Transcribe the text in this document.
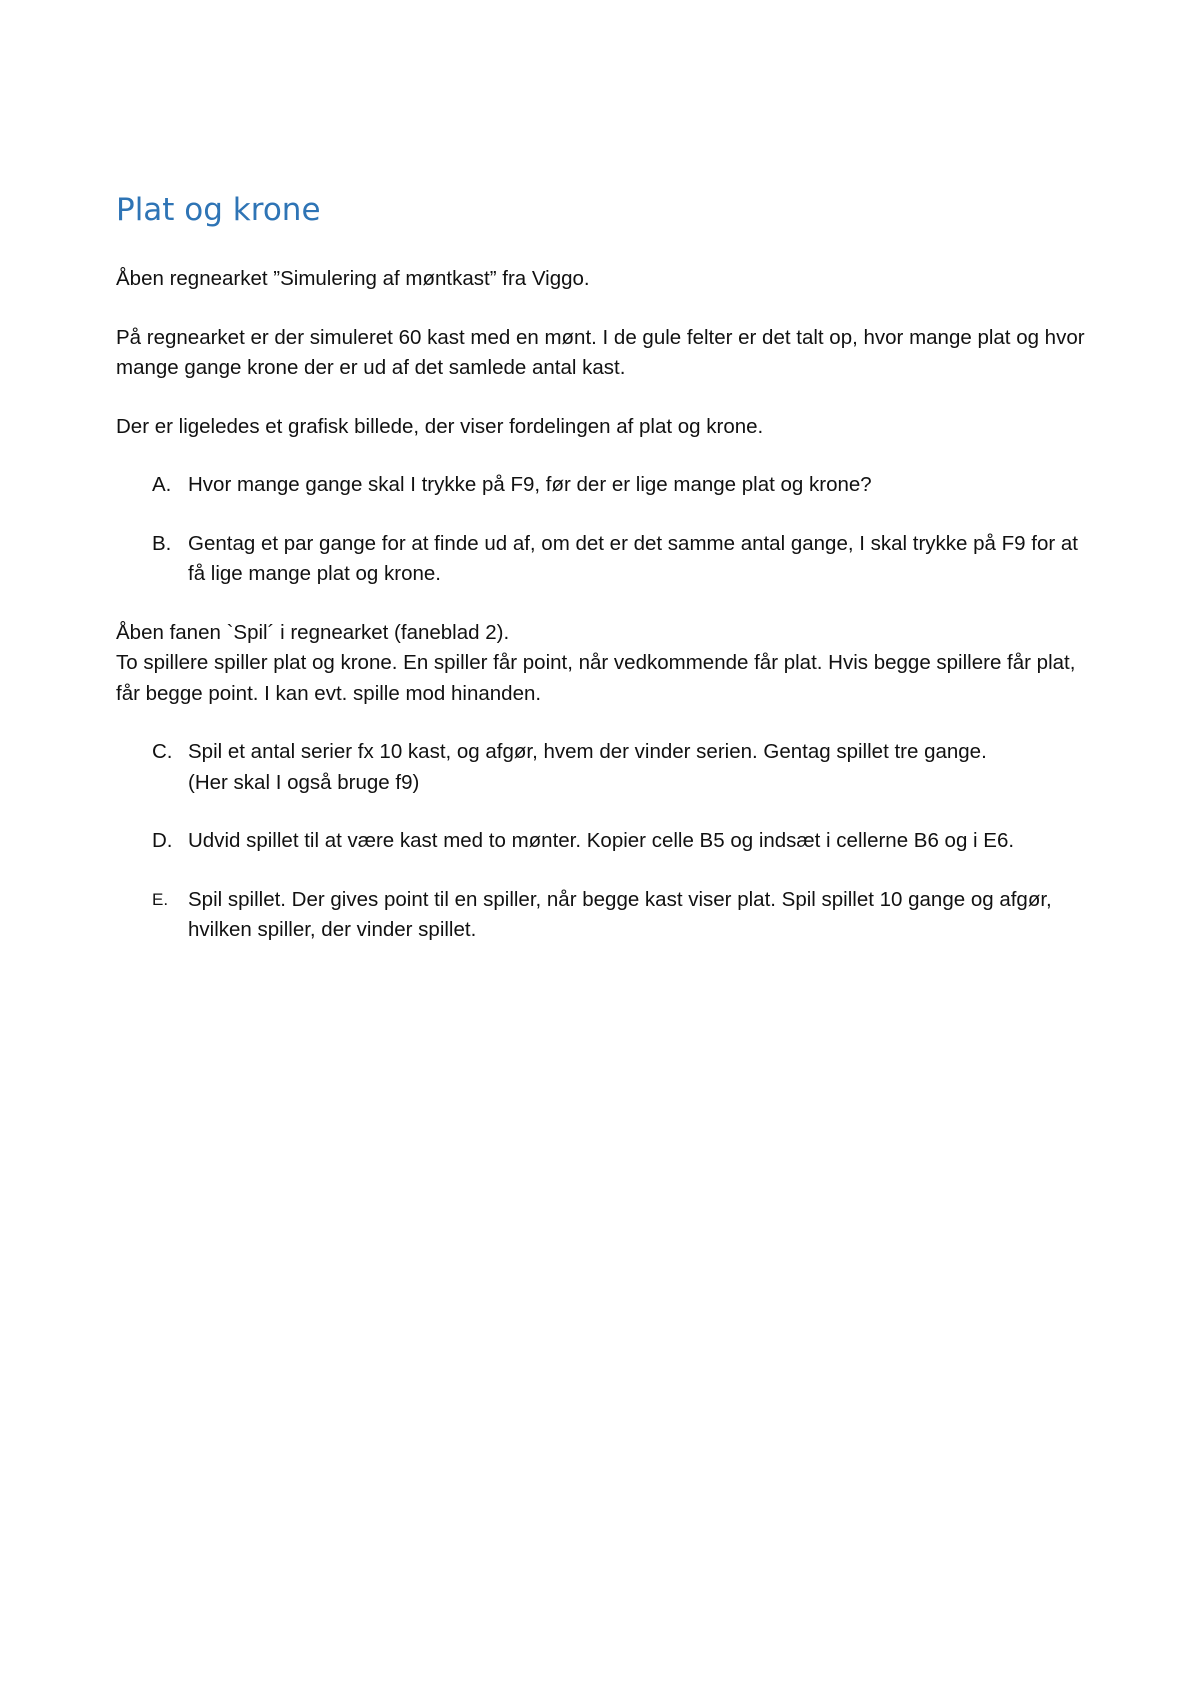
Plat og krone

Åben regnearket ”Simulering af møntkast” fra Viggo.

På regnearket er der simuleret 60 kast med en mønt. I de gule felter er det talt op, hvor mange plat og hvor mange gange krone der er ud af det samlede antal kast.

Der er ligeledes et grafisk billede, der viser fordelingen af plat og krone.

A. Hvor mange gange skal I trykke på F9, før der er lige mange plat og krone?
B. Gentag et par gange for at finde ud af, om det er det samme antal gange, I skal trykke på F9 for at få lige mange plat og krone.

Åben fanen `Spil´ i regnearket (faneblad 2).

To spillere spiller plat og krone. En spiller får point, når vedkommende får plat. Hvis begge spillere får plat, får begge point. I kan evt. spille mod hinanden.

C. Spil et antal serier fx 10 kast, og afgør, hvem der vinder serien. Gentag spillet tre gange.
(Her skal I også bruge f9)
D. Udvid spillet til at være kast med to mønter. Kopier celle B5 og indsæt i cellerne B6 og i E6.
E. Spil spillet. Der gives point til en spiller, når begge kast viser plat. Spil spillet 10 gange og afgør, hvilken spiller, der vinder spillet.
